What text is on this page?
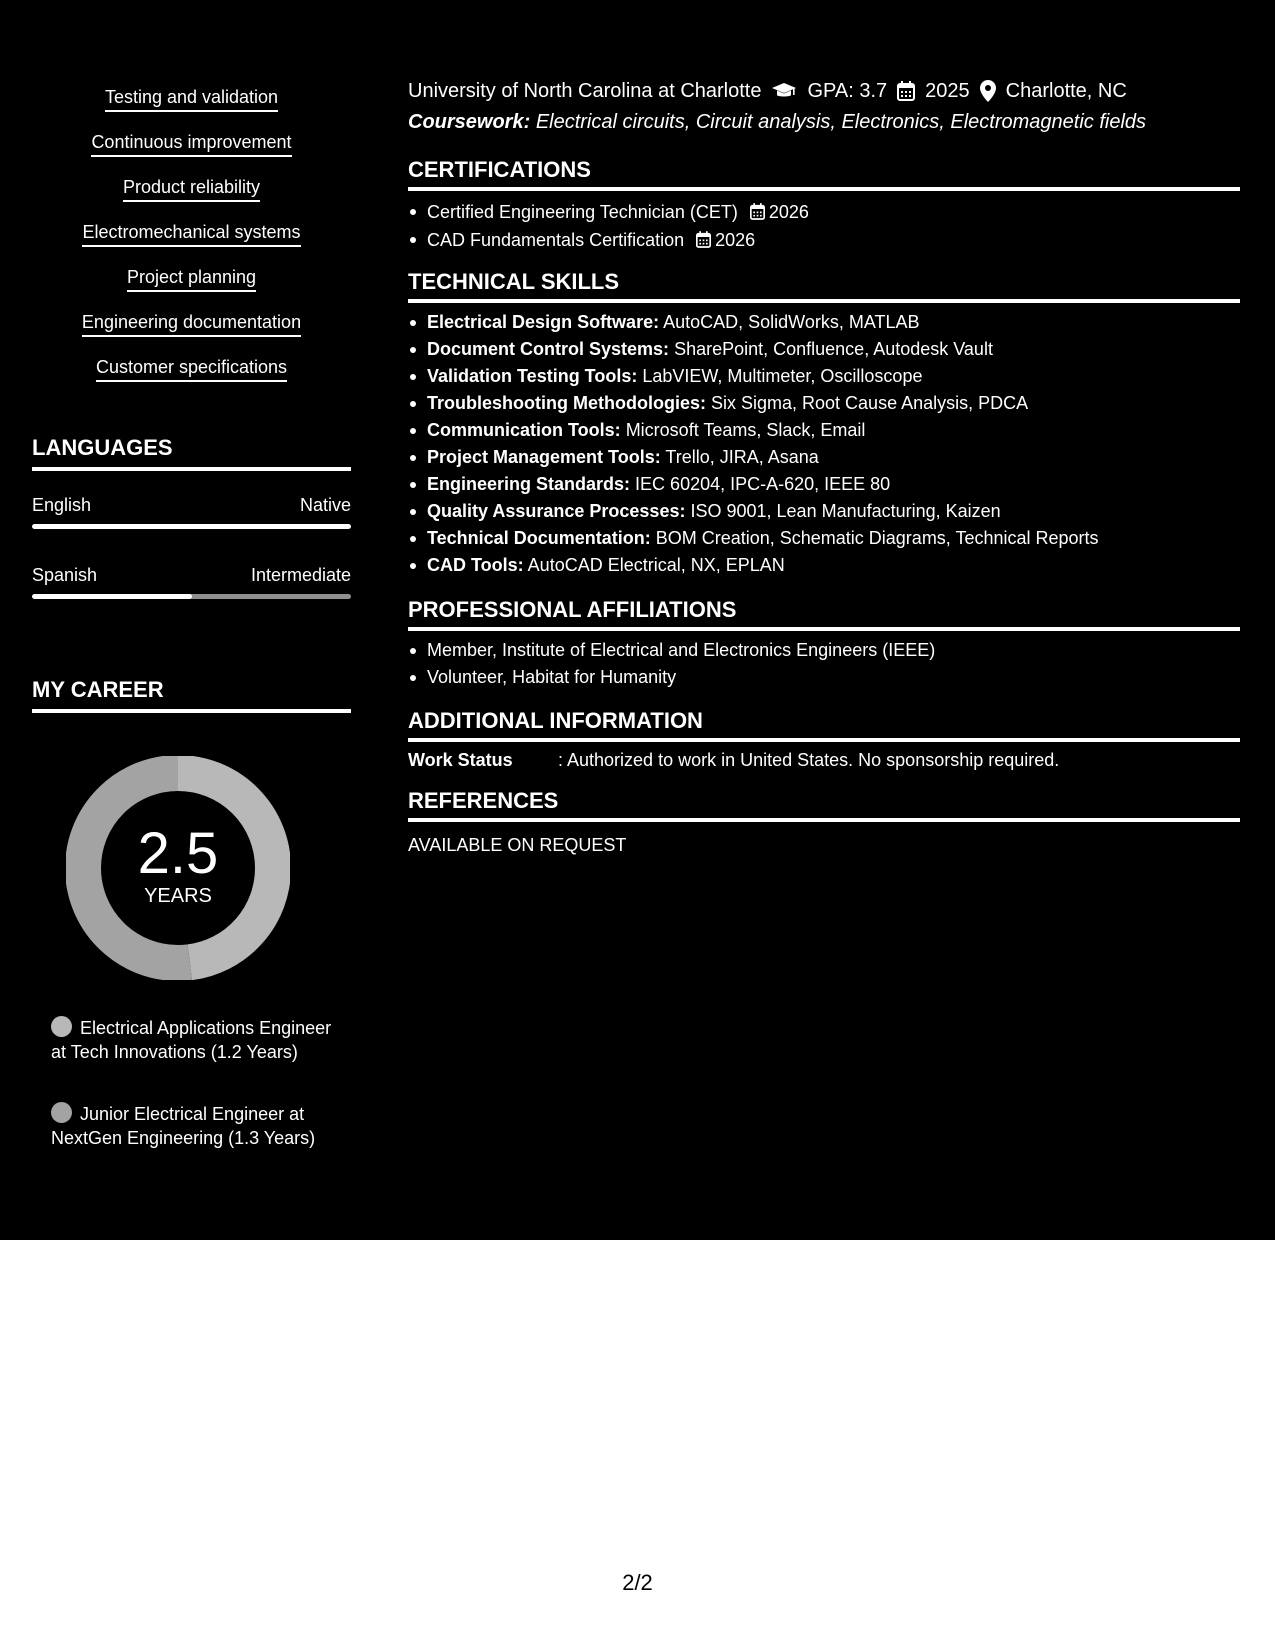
Testing and validation
Continuous improvement
Product reliability
Electromechanical systems
Project planning
Engineering documentation
Customer specifications
LANGUAGES
English	Native
Spanish	Intermediate
MY CAREER
2.5
YEARS
Electrical Applications Engineer at Tech Innovations (1.2 Years)
Junior Electrical Engineer at NextGen Engineering (1.3 Years)
University of North Carolina at Charlotte GPA: 3.7 2025 Charlotte, NC
Coursework: Electrical circuits, Circuit analysis, Electronics, Electromagnetic fields
CERTIFICATIONS
Certified Engineering Technician (CET) 2026
CAD Fundamentals Certification 2026
TECHNICAL SKILLS
Electrical Design Software: AutoCAD, SolidWorks, MATLAB
Document Control Systems: SharePoint, Confluence, Autodesk Vault
Validation Testing Tools: LabVIEW, Multimeter, Oscilloscope
Troubleshooting Methodologies: Six Sigma, Root Cause Analysis, PDCA
Communication Tools: Microsoft Teams, Slack, Email
Project Management Tools: Trello, JIRA, Asana
Engineering Standards: IEC 60204, IPC-A-620, IEEE 80
Quality Assurance Processes: ISO 9001, Lean Manufacturing, Kaizen
Technical Documentation: BOM Creation, Schematic Diagrams, Technical Reports
CAD Tools: AutoCAD Electrical, NX, EPLAN
PROFESSIONAL AFFILIATIONS
Member, Institute of Electrical and Electronics Engineers (IEEE)
Volunteer, Habitat for Humanity
ADDITIONAL INFORMATION
Work Status	: Authorized to work in United States. No sponsorship required.
REFERENCES
AVAILABLE ON REQUEST
2/2
